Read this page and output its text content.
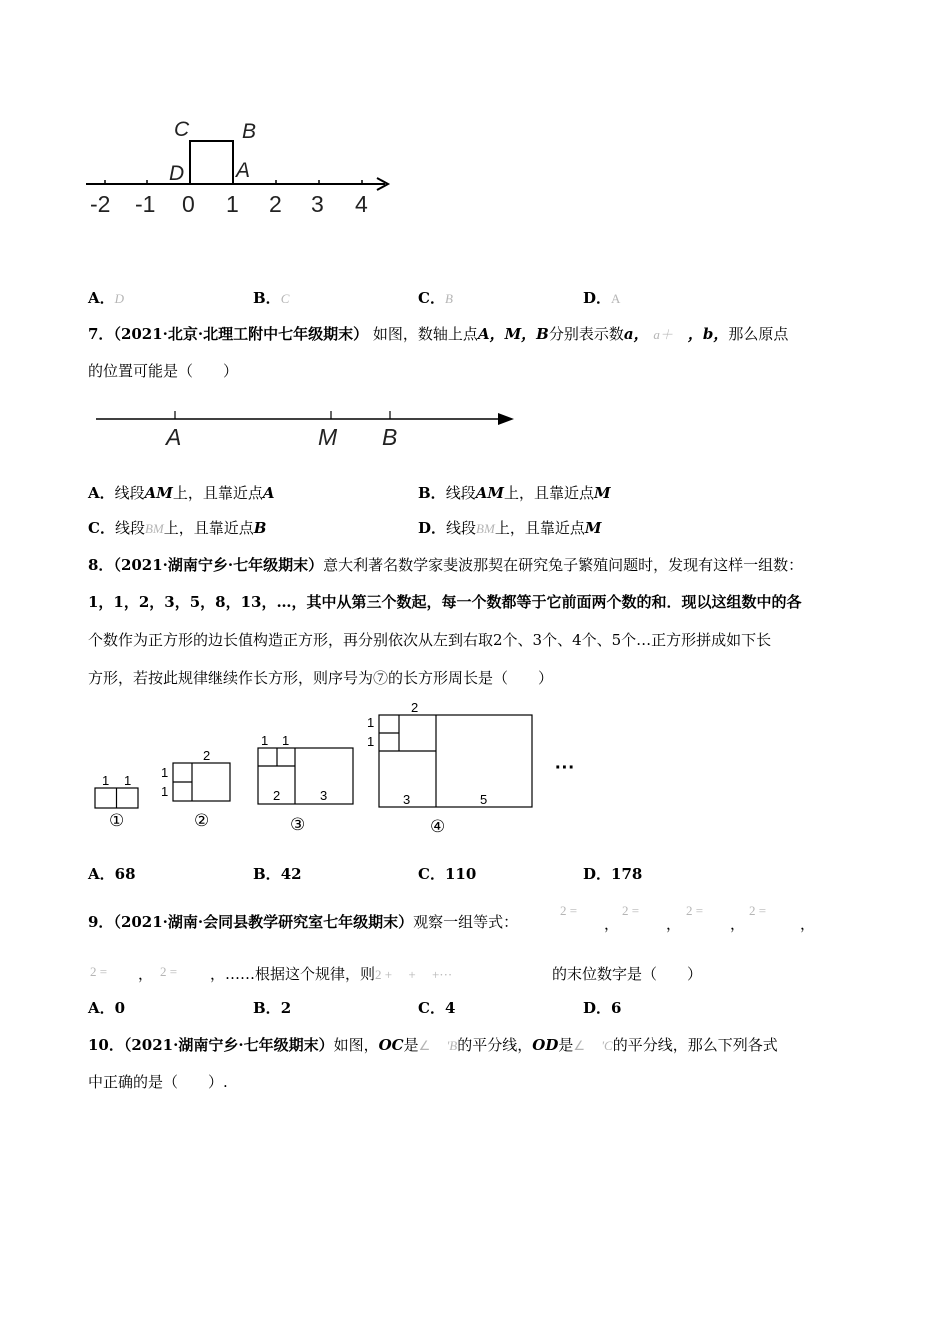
-2 -1 0 1 2 3 4
C	B
D A
A．D	B．C	C．B	D．A
7．（2021·北京·北理工附中七年级期末） 如图，数轴上点A，M，B分别表示数a， a＋　 ，b，那么原点
的位置可能是（　　）
A	M B
A．线段AM上，且靠近点A	B．线段AM上，且靠近点M
C．线段BM上，且靠近点B	D．线段BM上，且靠近点M
8．（2021·湖南宁乡·七年级期末）意大利著名数学家斐波那契在研究兔子繁殖问题时，发现有这样一组数：
1，1，2，3，5，8，13，…，其中从第三个数起，每一个数都等于它前面两个数的和．现以这组数中的各
个数作为正方形的边长值构造正方形，再分别依次从左到右取2个、3个、4个、5个…正方形拼成如下长
方形，若按此规律继续作长方形，则序号为⑦的长方形周长是（　　）
1 1
①
2
1
1
②
1 1
2	3
③
2
1
1
3	5
④
···
A．68	B．42	C．110	D．178
9．（2021·湖南·会同县教学研究室七年级期末）观察一组等式：
2 =
，
2 =
，
2 =
，
2 =
，
2 = ， 2 = ，……根据这个规律，则2 +　 +　 +···	的末位数字是（　　）
A．0	B．2	C．4	D．6
10．（2021·湖南宁乡·七年级期末）如图，OC是∠　 'B的平分线，OD是∠　 'C的平分线，那么下列各式
中正确的是（　　）.
